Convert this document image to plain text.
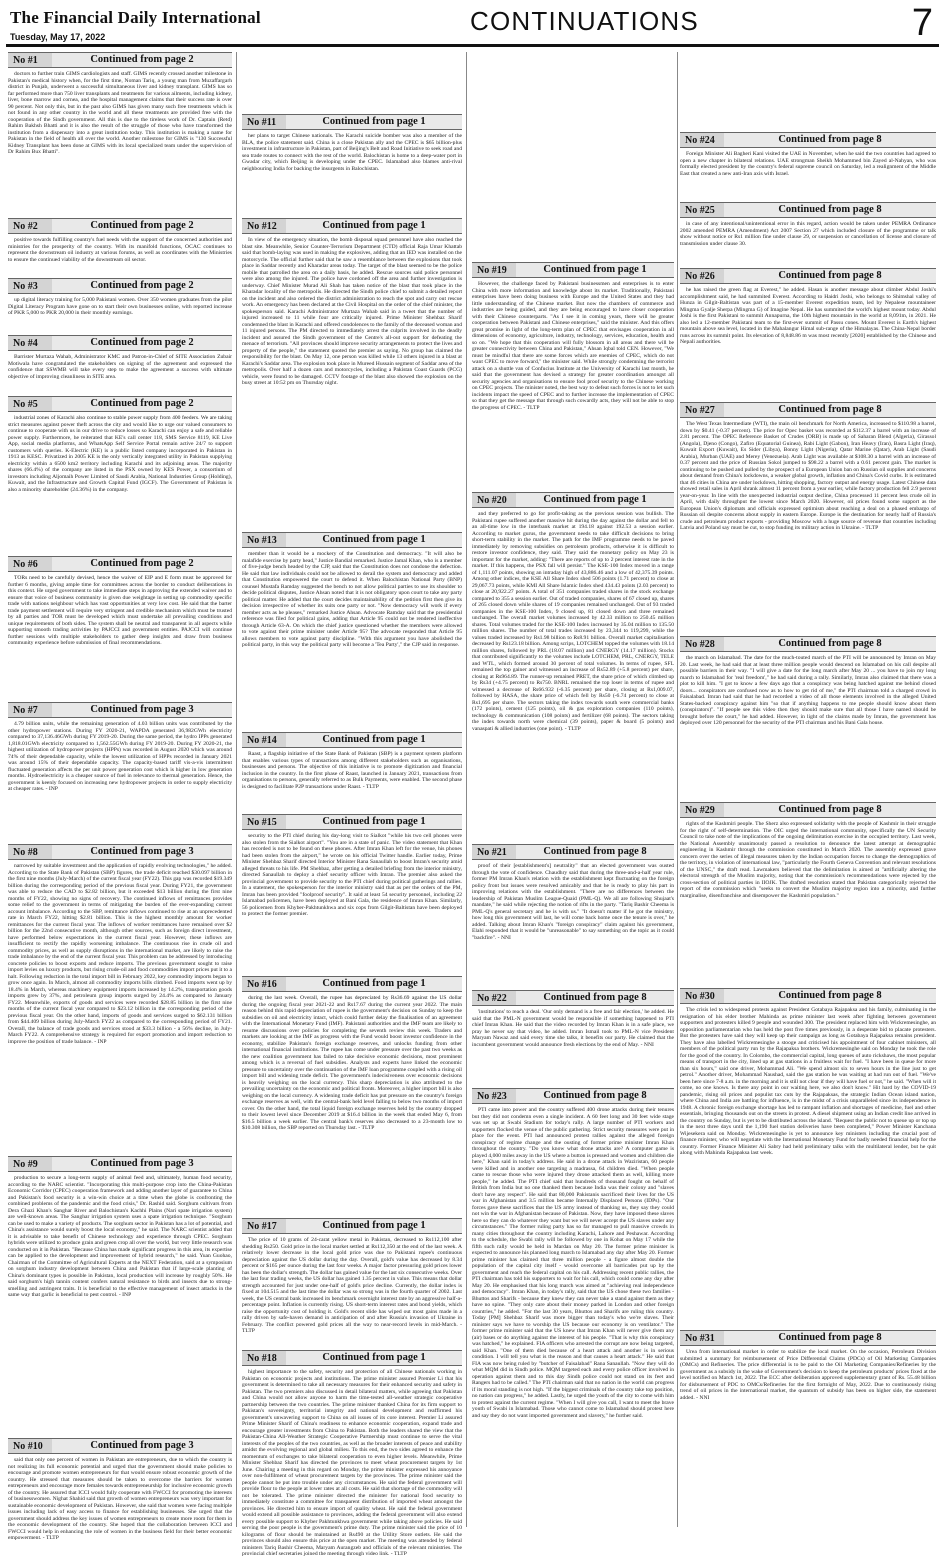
The Financial Daily International
Tuesday, May 17, 2022
CONTINUATIONS	7
No #1	Continued from page 2

doctors to further train GIMS cardiologists and staff. GIMS recently crossed another milestone in Pakistan's medical history when, for the first time, Noman Tariq, a young man from Muzaffargarh district in Punjab, underwent a successful simultaneous liver and kidney transplant. GIMS has so far performed more than 750 liver transplants and treatments for various ailments, including kidney, liver, bone marrow and cornea, and the hospital management claims that their success rate is over 90 percent. Not only this, but in the past also GIMS has given many such free treatments which is not found in any other country in the world and all these treatments are provided free with the cooperation of the Sindh government. All this is due to the tireless work of Dr. Captain (Retd) Rahim Bakhsh Bhatti and it is also the result of the struggle of those who have transformed the institution from a dispensary into a great institution today. This institution is making a name for Pakistan in the field of health all over the world. Another milestone for GIMS is "130 Successful Kidney Transplant has been done at GIMS with its local specialized team under the supervision of Dr Rahim Bux Bhatti".

No #2	Continued from page 2

positive towards fulfilling country's fuel needs with the support of the concerned authorities and ministries for the prosperity of the country. With its manifold functions, OCAC continues to represent the downstream oil industry at various forums, as well as coordinates with the Ministries to ensure the continued viability of the downstream oil sector.

No #3	Continued from page 2

up digital literacy training for 5,000 Pakistani women. Over 350 women graduates from the pilot Digital Literacy Program have gone on to start their own businesses online, with reported increase of PKR 5,000 to PKR 20,000 in their monthly earnings.

No #4	Continued from page 2

Barrister Murtaza Wahab, Administrator KMC and Patron-in-Chief of SITE Association Zubair Motiwala have congratulated the stakeholders on signing of the agreement and expressed the confidence that SSWMB will take every step to make the agreement a success with ultimate objective of improving cleanliness in SITE area.

No #5	Continued from page 2

industrial zones of Karachi also continue to stable power supply from 400 feeders. We are taking strict measures against power theft across the city and would like to urge our valued consumers to continue to cooperate with us in our drive to reduce losses so Karachi can enjoy a safe and reliable power supply. Furthermore, he reiterated that KE's call center 118, SMS Service 8119, KE Live App, social media platforms, and WhatsApp Self Service Portal remain active 24/7 to support customers with queries. K-Electric (KE) is a public listed company incorporated in Pakistan in 1913 as KESC. Privatized in 2005 KE is the only vertically integrated utility in Pakistan supplying electricity within a 6500 km2 territory including Karachi and its adjoining areas. The majority shares (66.4%) of the company are listed in the PSX owned by KES Power, a consortium of investors including Aljomaih Power Limited of Saudi Arabia, National Industries Group (Holding), Kuwait, and the Infrastructure and Growth Capital Fund (IGCF). The Government of Pakistan is also a minority shareholder (24.36%) in the company.

No #6	Continued from page 2

TORs need to be carefully devised, hence the waiver of EIP and E form must be approved for further 6 months, giving ample time for committees across the border to conduct deliberations in this context. He urged government to take immediate steps in approving the extended waiver and to ensure that voice of business community is given due weightage in setting up commodity specific trade with nations neighbour which has vast opportunities at very low cost. He said that the barter trade payment settlement will require very stringent and credible mechanism which must be trusted by all parties and TOR must be developed which must undertake all prevailing conditions and unique requirements of both sides. The system shall be neutral and transparent in all aspects while supporting smooth trading activities by PAJCCI and government entities. PAJCCI will continue further sessions with multiple stakeholders to gather deep insights and draw from business community experience before submission of final recommendations.

No #7	Continued from page 3

4.79 billion units, while the remaining generation of 4.03 billion units was contributed by the other hydropower stations. During FY 2020-21, WAPDA generated 36,982GWh electricity compared to 37,136.46GWh during FY 2019-20. During the same period, the hydro IPPs generated 1,818.01GWh electricity compared to 1,562.55GWh during FY 2019-20. During FY 2020-21, the highest utilization of hydropower projects (HPPs) was recorded in August 2020 which was around 74% of their dependable capacity, while the lowest utilization of HPPs recorded in January 2021 was around 15% of their dependable capacity. The capacity-based tariff vis-a-vis intermittent fluctuated generation affects the per unit power generation cost which is higher in low generation months. Hydroelectricity is a cheaper source of fuel in relevance to thermal generation. Hence, the government is keenly focused on increasing new hydropower projects in order to supply electricity at cheaper rates. - INP

No #8	Continued from page 3

narrowed by suitable investment and the application of rapidly evolving technologies," he added. According to the State Bank of Pakistan (SBP) figures, the trade deficit reached $30.097 billion in the first nine months (July-March) of the current fiscal year (FY22). This gap was recorded $19.349 billion during the corresponding period of the previous fiscal year. During FY21, the government was able to reduce the CAD to $2.82 billion, but it exceeded $13 billion during the first nine months of FY22, showing no signs of recovery. The continued inflows of remittances provides some relief to the government in terms of mitigating the burden of the ever-expanding current account imbalance. According to the SBP, remittance inflows continued to rise at an unprecedented rate in March FY22, hitting $2.81 billion. This is the highest monthly amount for worker remittances for the current fiscal year. The inflows of worker remittances have remained over $2 billion for the 22nd consecutive month, although other sources, such as foreign direct investment, have performed below expectations in the current fiscal year. However, these inflows are insufficient to rectify the rapidly worsening imbalance. The continuous rise in crude oil and commodity prices, as well as supply disruptions in the international market, are likely to raise the trade imbalance by the end of the current fiscal year. This problem can be addressed by introducing concrete policies to boost exports and reduce imports. The previous government sought to raise import levies on luxury products, but rising crude-oil and food commodities import prices put it to a halt. Following reduction in the total import bill in February 2022, key commodity imports began to grow once again. In March, almost all commodity imports bills climbed. Food imports went up by 18.4% in March, whereas machinery equipment imports increased by 14.2%, transportation goods imports grew by 37%, and petroleum group imports surged by 24.4% as compared to January FY22. Meanwhile, exports of goods and services were recorded $28.85 billion in the first nine months of the current fiscal year compared to $23.12 billion in the corresponding period of the previous fiscal year. On the other hand, imports of goods and services surged to $62.131 billion from $44.409 billion during July-March FY22 as compared to the corresponding period of FY21. Overall, the balance of trade goods and services stood at $33.3 billion - a 56% decline, in July-March FY22. A comprehensive strategy is required for export promotion and import reduction to improve the position of trade balance. - INP

No #9	Continued from page 3

production to secure a long-term supply of animal feed and, ultimately, human food security, according to the NARC scientist. "Incorporating this multi-purpose crop into the China-Pakistan Economic Corridor (CPEC) cooperation framework and adding another layer of guarantee to China and Pakistan's food security is a win-win choice at a time when the globe is confronting the combined problems of the pandemic and the food crisis," Dr. Rashid said. Sorghum cultivars from Dera Ghazi Khan's Sanghar River and Balochistan's Kachhi Plains (Nari spate irrigation system) are well-known areas. The Sanghar irrigation system uses a spate irrigation technique. "Sorghum can be used to make a variety of products. The sorghum sector in Pakistan has a lot of potential, and China's assistance would surely boost the local economy," he said. The NARC scientist added that it is advisable to take benefit of Chinese technology and experience through CPEC. Sorghum hybrids were utilized to produce grain and green crop all over the world, but very little research was conducted on it in Pakistan. "Because China has made significant progress in this area, its expertise can be applied to the development and improvement of hybrid research," he said. Yuan Guohao, Chairman of the Committee of Agricultural Experts at the NEXT Federation, said at a symposium on sorghum industry development between China and Pakistan that if large-scale planting of China's dominant types is possible in Pakistan, local production will increase by roughly 50%. He said sorghum's high tannin content confers natural resistance to birds and insects due to strong-smelling and astringent traits. It is beneficial to the effective management of insect attacks in the same way that garlic is beneficial to pest control. - INP

No #10	Continued from page 3

said that only one percent of women in Pakistan are entrepreneurs, due to which the country is not realizing its full economic potential and urged that the government should make policies to encourage and promote women entrepreneurs for that would ensure robust economic growth of the country. He stressed that measures should be taken to overcome the barriers for women entrepreneurs and encourage more females towards entrepreneurship for inclusive economic growth of the country. He assured that ICCI would fully cooperate with FWCCI for promoting the interests of businesswomen. Nighat Shahid said that growth of women entrepreneurs was very important for sustainable economic development of Pakistan. However, she said that women were facing multiple issues including lack of easy access to finance for establishing businesses. She urged that the government should address the key issues of women entrepreneurs to create more room for them in the economic development of the country. She hoped that the collaboration between ICCI and FWCCI would help in enhancing the role of women in the business field for their better economic empowerment. - TLTP

No #11	Continued from page 1

her plans to target Chinese nationals. The Karachi suicide bomber was also a member of the BLA, the police statement said. China is a close Pakistan ally and the CPEC is $65 billion-plus investment in infrastructure in Pakistan, part of Beijing's Belt and Road Initiative to seek road and sea trade routes to connect with the rest of the world. Balochistan is home to a deep-water port in Gwadar city, which Beijing is developing under the CPEC. Islamabad also blames anti-rival neighbouring India for backing the insurgents in Balochistan.

No #12	Continued from page 1

In view of the emergency situation, the bomb disposal squad personnel have also reached the blast site. Meanwhile, Senior Counter-Terrorism Department (CTD) official Raja Umar Khattab said that bomb-laying was used in making the explosives, adding that an IED was installed on the motorcycle. The official further said that he saw a resemblance between the explosions that took place in Saddar recently and Kharadar areas today. The target of the blast seemed to be the police mobile that patrolled the area on a daily basis, he added. Rescue sources said police personnel were also among the injured. The police have cordoned off the area and further investigation is underway. Chief Minister Murad Ali Shah has taken notice of the blast that took place in the Kharadar locality of the metropolis. He directed the Sindh police chief to submit a detailed report on the incident and also ordered the district administration to reach the spot and carry out rescue work. An emergency has been declared at the Civil Hospital on the order of the chief minister, the spokesperson said. Karachi Administrator Murtaza Wahab said in a tweet that the number of injured increased to 11 while four are critically injured. Prime Minister Shehbaz Sharif condemned the blast in Karachi and offered condolences to the family of the deceased woman and 11 injured persons. The PM directed to immediately arrest the culprits involved in the deadly incident and assured the Sindh government of the Centre's all-out support for defeating the menace of terrorism. "All provinces should improve security arrangements to protect the lives and property of the people," the statement quoted the premier as saying. No group has claimed the responsibility for the blast. On May 12, one person was killed while 13 others injured in a blast at Karachi's Saddar area. The explosion took place in Mureed Hussain segment of Saddar area of the metropolis. Over half a dozen cars and motorcycles, including a Pakistan Coast Guards (PCG) vehicle, were found to be damaged. CCTV footage of the blast also showed the explosion on the busy street at 10:52 pm on Thursday night.

No #13	Continued from page 1

member than it would be a mockery of the Constitution and democracy. "It will also be malafide exercise by party head," Justice Bandial remarked. Justice Jamal Khan, who is a member of five-judge bench headed by the CJP, said that the Constitution does not condone the defection. He said that law individuals could not be allowed to derail the system and democracy and added that Constitution empowered the court to defend it. When Balochistan National Party (BNP) counsel Mustafa Ramday suggested the bench to not allow political parties to use its shoulder to decide political disputes, Justice Ahsan noted that it is not obligatory upon court to take any party political matter. He added that the court decides maintainability of the petition first then give its decision irrespective of whether its suits one party or not. "Now democracy will work if every member acts as he pleases," remarked Justice Ahsan. Advocate Ramday said that the presidential reference was filed for political gains, adding that Article 95 could not be rendered ineffective through Article 63-A. On which the chief justice questioned whether the members were allowed to vote against their prime minister under Article 95? The advocate responded that Article 95 allows members to vote against party discipline. "With this argument you have abolished the political party, in this way the political party will become a 'Tea Party'," the CJP said in response.

No #14	Continued from page 1

Raast, a flagship initiative of the State Bank of Pakistan (SBP) is a payment system platform that enables various types of transactions among different stakeholders such as organisations, businesses and persons. The objective of this initiative is to promote digitization and financial inclusion in the country. In the first phase of Raast, launched in January 2021, transactions from organisations to persons, generally referred to as Bulk Payments, were enabled. The second phase is designed to facilitate P2P transactions under Raast. - TLTP

No #15	Continued from page 1

security to the PTI chief during his day-long visit to Sialkot "while his two cell phones were also stolen from the Sialkot airport". "You are in a state of panic. The video statement that Khan has recorded is not to be found on these phones. After Imran Khan left for the venue, his phones had been stolen from the airport," he wrote on his official Twitter handle. Earlier today, Prime Minister Shehbaz Sharif directed Interior Minister Rana Sanaullah to boost Imran's security amid alleged threats to his life. PM Shehbaz, after getting a detailed briefing from the interior ministry, directed Sanaullah to deploy a chief security officer with Imran. The premier also asked the provincial government to provide security to the PTI chief during political gatherings and rallies. In a statement, the spokesperson for the interior ministry said that as per the orders of the PM, Imran has been provided "foolproof security". It said at least 54 security personnel, including 22 Islamabad policemen, have been deployed at Bani Gala, the residence of Imran Khan. Similarly, 56 policemen from Khyber-Pakhtunkhwa and six cops from Gilgit-Baltistan have been deployed to protect the former premier.

No #16	Continued from page 1

during the last week. Overall, the rupee has depreciated by Rs36.69 against the US dollar during the ongoing fiscal year 2021-22 and Rs17.67 during the current year 2022. The main reason behind this rapid depreciation of rupee is the government's decision on Sunday to keep the subsidies on oil and electricity intact, which could further delay the finalisation of an agreement with the International Monetary Fund (IMF). Pakistani authorities and the IMF team are likely to resume discussions over policies for completing the seventh review this week. Traders and markets are looking at the IMF as progress with the Fund would boost investor confidence in the economy, stabilize Pakistan's foreign exchange reserves, and unlocks funding from other international financial institutions. The rupee has come under pressure over the past two weeks as the new coalition government has failed to take decisive economic decisions, most prominent among which is a reversal of fuel subsidies. Analysts and experts have linked the economic pressure to uncertainty over the continuation of the IMF loan programme coupled with a rising oil import bill and widening trade deficit. The government's indecisiveness over economic decisions is heavily weighing on the local currency. This sharp depreciation is also attributed to the prevailing uncertainty on the economic and political fronts. Moreover, a higher import bill is also weighing on the local currency. A widening trade deficit has put pressure on the country's foreign exchange reserves as well, with the central-bank held level falling to below two months of import cover. On the other hand, the total liquid foreign exchange reserves held by the country dropped to their lowest level since December 2019 at $16.4 billion in the week that ended May 6, from $16.5 billion a week earlier. The central bank's reserves also decreased to a 23-month low to $10.308 billion, the SBP reported on Thursday last. - TLTP

No #17	Continued from page 1

The price of 10 grams of 24-carat yellow metal in Pakistan, decreased to Rs112,100 after shedding Rs250. Gold price in the local market settled at Rs112,350 at the end of the last week. A relatively lower decrease in the local gold price was due to Pakistani rupee's continuous depreciation against the US dollar during the day. Overall, gold's value has decreased by 8.34 percent or $165 per ounce during the last four weeks. A major factor pressuring gold prices lower has been the dollar's strength. The dollar has gained value for the last six consecutive weeks. Over the last four trading weeks, the US dollar has gained 1.35 percent in value. This means that dollar strength accounted for just under one-half of gold's price decline. Currently, the dollar index is fixed at 104.515 and the last time the dollar was so strong was in the fourth quarter of 2002. Last week, the US central bank increased its benchmark overnight interest rate by an aggressive half-a-percentage point. Inflation is currently rising. US short-term interest rates and bond yields, which raise the opportunity cost of holding it. Gold's recent slide has wiped out most gains made in a rally driven by safe-haven demand in anticipation of and after Russia's invasion of Ukraine in February. The conflict powered gold prices all the way to near-record levels in mid-March. - TLTP

No #18	Continued from page 1

highest importance to the safety, security and protection of all Chinese nationals working in Pakistan on economic projects and institutions. The prime minister assured Premier Li that his government is determined to take all necessary measures for their enhanced security and safety in Pakistan. The two premiers also discussed in detail bilateral matters, while agreeing that Pakistan and China would not allow anyone to harm the time-tested all-weather strategic cooperative partnership between the two countries. The prime minister thanked China for its firm support to Pakistan's sovereignty, territorial integrity and national development and reaffirmed his government's unwavering support to China on all issues of its core interest. Premier Li assured Prime Minister Sharif of China's readiness to enhance economic cooperation, expand trade and encourage greater investments from China to Pakistan. Both the leaders shared the view that the Pakistan-China All-Weather Strategic Cooperative Partnership must continue to serve the vital interests of the peoples of the two countries, as well as the broader interests of peace and stability amidst the evolving regional and global milieu. To this end, the two sides agreed to enhance the momentum of exchanges to take bilateral cooperation to even higher levels. Meanwhile, Prime Minister Shehbaz Sharif has directed the provinces to meet wheat procurement targets by 1st June. Chairing a meeting in this regard on Monday, the prime minister expressed his annoyance over non-fulfilment of wheat procurement targets by the provinces. The prime minister said the people cannot be put into trouble under any circumstances. He said the federal government will provide flour to the people at lower rates at all costs. He said that shortage of the commodity will not be tolerated. The prime minister directed the minister for national food security to immediately constitute a committee for transparent distribution of imported wheat amongst the provinces. He directed him to ensure import of quality wheat. He said the federal government would extend all possible assistance to provinces, adding the federal government will also extend every possible support to Khyber Pakhtunkhwa government while taking above policies. He said serving the poor people is the government's prime duty. The prime minister said the price of 10 kilograms of flour should be maintained at Rs490 at the Utility Store outlets. He said the provinces should also ensure this price at the open market. The meeting was attended by federal ministers Tariq Bashir Cheema, Maryam Aurangzeb and officials of the relevant ministries. The provincial chief secretaries joined the meeting through video link. - TLTP

No #19	Continued from page 1

However, the challenge faced by Pakistani businessmen and enterprises is to enter China with more information and knowledge about its market. Traditionally, Pakistani enterprises have been doing business with Europe and the United States and they had little understanding of the Chinese market. But now the chambers of commerce and industries are being guided, and they are being encouraged to have closer cooperation with their Chinese counterparts. "As I see it in coming years, there will be greater cooperation between Pakistani and Chinese enterprises," said the minister. And this offers great promise in light of the long-term plan of CPEC that envisages cooperation in all dimensions of economy, agriculture, industry, technology, services, education, health and so on. "We hope that this cooperation will fully blossom in all areas and there will be greater connectivity between China and Pakistan," Ahsan Iqbal told CEN. However, "We must be mindful that there are some forces which are enemies of CPEC, which do not want CPEC to move forward," the minister said. While strongly condemning the terrorist attack on a shuttle van of Confucius Institute at the University of Karachi last month, he said that the government has devised a strategy for greater coordination amongst all security agencies and organisations to ensure fool proof security to the Chinese working on CPEC projects. The minister noted, the best way to defeat such forces is not to let such incidents impact the speed of CPEC and to further increase the implementation of CPEC so that they get the message that through such cowardly acts, they will not be able to stop the progress of CPEC. - TLTP

No #20	Continued from page 1

and they preferred to go for profit-taking as the previous session was bullish. The Pakistani rupee suffered another massive hit during the day against the dollar and fell to an all-time low in the interbank market at 194.18 against 192.53 a session earlier. According to market gurus, the government needs to take difficult decisions to bring short-term stability in the market. The path for the IMF programme needs to be paved immediately by removing subsidies on petroleum products, otherwise it is difficult to restore investor confidence, they said. They said the monetary policy on May 23 is important for the market, adding: "There are reports of up to 2 percent interest rate in the market. If this happens, the PSX fall will persist." The KSE-100 Index moved in a range of 1,111.07 points, showing an intraday high of 43,886.46 and a low of 42,375.39 points. Among other indices, the KSE All Share Index shed 506 points (1.71 percent) to close at 29,067.73 points, while KMI All Share Islamic Index shed 434.43 points (2.03 percent) to close at 20,922.27 points. A total of 351 companies traded shares in the stock exchange compared to 355 a session earlier. Out of traded companies, shares of 67 closed up, shares of 265 closed down while shares of 19 companies remained unchanged. Out of 93 traded companies in the KSE-100 Index, 9 closed up, 81 closed down and three remained unchanged. The overall market volumes increased by 42.33 million to 250.45 million shares. Total volumes traded for the KSE-100 Index increased by 35.04 million to 135.50 million shares. The number of total trades increased by 23,344 to 119,299, while the values traded increased by Rs1.98 billion to Rs8.91 billion. Overall market capitalisation decreased by Rs123.18 billion. Among scrips, LOTCHEM topped the volumes with 18.14 million shares, followed by PRL (18.07 million) and CNERGY (14.17 million). Stocks that contributed significantly to the volumes include LOTCHEM, PRL, CNERGY, TELE and WTL, which formed around 30 percent of total volumes. In terms of rupee, SFL remained the top gainer and witnessed an increase of Rs52.89 (+5.8 percent) per share, closing at Rs964.89. The runner-up remained PRET, the share price of which climbed up by Rs34 (+4.75 percent) to Rs750. BNRL remained the top loser in terms of rupee and witnessed a decrease of Rs66.932 (-6.35 percent) per share, closing at Rs1,009.07, followed by HASA, the share price of which fell by Rs50 (-6.74 percent) to close at Rs1,695 per share. The sectors taking the index towards south were commercial banks (172 points), cement (125 points), oil & gas exploration companies (110 points), technology & communication (108 points) and fertilizer (68 points). The sectors taking the index towards north were chemical (39 points), paper & board (5 points) and vanaspati & allied industries (one point). - TLTP

No #21	Continued from page 8

proof of their [establishment's] neutrality" that an elected government was ousted through the vote of confidence. Chaudhry said that during the three-and-a-half year rule, former PM Imran Khan's relation with the establishment kept fluctuating on the foreign policy front but issues were resolved amicably and that he is ready to play his part in improving relations with the establishment. "There are no differences between the leadership of Pakistan Muslim League-Quaid (PML-Q). We all are following Shujaat's mandate," he said while rejecting the notion of rifts in the party. "Tariq Bashir Cheema is PML-Q's general secretary and he is with us." "It doesn't matter if he got the ministry, how long this government will last, he will come back home once the tenure is over," he added. Talking about Imran Khan's "foreign conspiracy" claim against his government, Elahi responded that it would be "unreasonable" to say something on the topic as it could "backfire". - NNI

No #22	Continued from page 8

'institutions' to reach a deal. 'Our only demand is a free and fair election,' he added. He said that the PML-N government would be responsible if something happened to PTI chief Imran Khan. He said that the video recorded by Imran Khan is in a safe place, we pray he never say that video, he added. Imran Ismail took to PML-N vice President Maryam Nawaz and said every time she talks, it benefits our party. He claimed that the incumbent government would announce fresh elections by the end of May. - NNI

No #23	Continued from page 8

PTI came into power and the country suffered 400 drone attacks during their tenures but they did not condemn even a single incident. A 60 feet long and 30 feet wide stage was set up at Swabi Stadium for today's rally. A large number of PTI workers and supporters flocked the venue of the public gathering. Strict security measures were put in place for the event. PTI had announced protest rallies against the alleged foreign conspiracy of regime change and the ousting of former prime minister Imran Khan throughout the country. "Do you know what drone attacks are? A computer game is played 4,000 miles away in the US where a button is pressed and women and children die here," Khan said in today's address. He said in a drone attack in Waziristan, 60 people were killed and in another one targeting a madrassa, 64 children died. "When people came to rescue those who were injured they drone attacked them as well, killing more people," he added. The PTI chief said that hundreds of thousand fought on behalf of British from India but no one thanked them because India was their colony and "slaves don't have any respect". He said that 80,000 Pakistanis sacrificed their lives for the US war in Afghanistan and 3.5 million became Internally Displaced Persons (IDPs). "Our forces gave these sacrifices that the US army instead of thanking us, they say they could not win the war in Afghanistan because of Pakistan. Now, they have imposed these slaves here so they can do whatever they want but we will never accept the US slaves under any circumstances." The former ruling party has so far managed to pull massive crowds in many cities throughout the country including Karachi, Lahore and Peshawar. According to the schedule, the Swabi rally will be followed by one in Kohat on May 17 while the fifth such rally would be held in Mardan on May 20. The former prime minister is expected to announce his planned long march to Islamabad any day after May 20. Former prime minister has claimed that three million people - a figure almost double the population of the capital city itself - would overcome all barricades put up by the government and reach the federal capital on his call. Addressing recent public rallies, the PTI chairman has told his supporters to wait for his call, which could come any day after May 20. He emphasised that his long march was aimed at "achieving real independence and democracy". Imran Khan, in today's rally, said that the US chose these two families - Bhuttos and Sharifs - because they knew they can never take a stand against them as they have no spine. "They only care about their money parked in London and other foreign countries," he added. "For the last 30 years, Bhuttos and Sharifs are ruling this country. Today [PM] Shehbaz Sharif was more bigger than today's who we're slaves. Their minister says we have to worship the US because our economy is on ventilator." The former prime minister said that the US knew that Imran Khan will never give them any (air) bases or do anything against the interest of his people. "That is why this conspiracy was hatched," he explained. FIA officers who arrested the corrupt are now being targeted, said Khan. "One of them died because of a heart attack and another is in serious condition. I will tell you what is the reason and that causes a heart attack." He said that FIA was now being ruled by "butcher of Faisalabad" Rana Sanaullah. "Now they will do what MQM did in Sindh police. MQM targeted each and every police officer involved in operation against them and to this day Sindh police could not stand on its feet and Rangers had to be called." The PTI chairman said that no nation in the world can progress if its moral standing is not high. "If the biggest criminals of the country take top position, no nation can progress," he added. Lastly, he urged the youth of the city to come with him to protest against the current regime. "When I will give you call, I want to meet the brave youth of Swabi in Islamabad. Those who cannot come to Islamabad should protest here and say they do not want imported government and slavery," he further said.

No #24	Continued from page 8

Foreign Minister Ali Bagheri Kani visited the UAE in November, when he said the two countries had agreed to open a new chapter in bilateral relations. UAE strongman Sheikh Mohammed bin Zayed al-Nahyan, who was formally elected president by the country's federal supreme council on Saturday, led a realignment of the Middle East that created a new anti-Iran axis with Israel.

No #25	Continued from page 8

in case of any intentional/unintentional error in this regard, action would be taken under PEMRA Ordinance 2002 amended PEMRA (Amendment) Act 2007 Section 27 which included closure of the programme or talk show without notice or Rs1 million fine under clause 29, or suspension or cancellation of license and closure of transmission under clause 30.

No #26	Continued from page 8

he has raised the green flag at Everest," he added. Hasan is another message about climber Abdul Joshi's accomplishment said, he had summited Everest. According to Haidri Joshi, who belongs to Shimshal valley of Hunza in Gilgit-Baltistan was part of a 15-member Everest expedition team, led by Nepalese mountaineer Mingma Gyalje Sherpa (Mingma G) of Imagine Nepal. He has summited the world's highest mount today. Abdul Joshi is the first Pakistani to summit Annapurna, the 10th highest mountain in the world at 8,091m, in 2021. He also led a 12-member Pakistani team to the first-ever summit of Passu cones. Mount Everest is Earth's highest mountain above sea level, located in the Mahalangur Himal sub-range of the Himalayas. The China-Nepal border runs across its summit point. Its elevation of 8,848.86 m was most recently [2020] established by the Chinese and Nepali authorities.

No #27	Continued from page 8

The West Texas Intermediate (WTI), the main oil benchmark for North America, increased to $110.98 a barrel, down by $0.41 (-0.37 percent). The price for Opec basket was recorded at $112.37 a barrel with an increase of 2.81 percent. The OPEC Reference Basket of Crudes (ORB) is made up of Saharan Blend (Algeria), Girassol (Angola), Djeno (Congo), Zafiro (Equatorial Guinea), Rabi Light (Gabon), Iran Heavy (Iran), Basra Light (Iraq), Kuwait Export (Kuwait), Es Sider (Libya), Bonny Light (Nigeria), Qatar Marine (Qatar), Arab Light (Saudi Arabia), Murban (UAE) and Merey (Venezuela). Arab Light was available at $108.30 a barrel with an increase of 0.37 percent and the price of Russian Sokol jumped to $98.22 a barrel with a 0.61 percent gain. The market is continuing to be pushed and pulled by the prospect of a European Union ban on Russian oil supplies and concerns about demand from China's lockdowns, a weaker global growth, inflation and China's Covid curbs. It is estimated that 46 cities in China are under lockdown, hitting shopping, factory output and energy usage. Latest Chinese data showed retail sales in April shrank almost 11 percent from a year earlier, while factory production fell 2.9 percent year-on-year. In line with the unexpected industrial output decline, China processed 11 percent less crude oil in April, with daily throughput the lowest since March 2020. However, oil prices found some support as the European Union's diplomats and officials expressed optimism about reaching a deal on a phased embargo of Russian oil despite concerns about supply in eastern Europe. Europe is the destination for nearly half of Russia's crude and petroleum product exports - providing Moscow with a huge source of revenue that countries including Latvia and Poland say must be cut, to stop funding its military action in Ukraine. - TLTP

No #28	Continued from page 8

the march on Islamabad. The date for the much-touted march of the PTI will be announced by Imran on May 20. Last week, he had said that at least three million people would descend on Islamabad on his call despite all possible barriers in their way. "I will give a date for the long march after May 20 ... you have to join my long march to Islamabad for 'real freedom'," he had said during a rally. Similarly, Imran also claimed that there was a plot to kill him. "I got to know a few days ago that a conspiracy was being hatched against me behind closed doors... conspirators are confused now as to how to get rid of me," the PTI chairman told a charged crowd in Faisalabad. Imran had said that he had recorded a video of all those elements involved in the alleged United States-backed conspiracy against him "so that if anything happens to me people should know about them (conspirators)". "If people see this video then they should make sure that all those I have named should be brought before the court," he had added. However, in light of the claims made by Imran, the government has deployed over 120 personnel for the security of the PTI chairman and his Bani Gala house.

No #29	Continued from page 8

rights of the Kashmiri people. The Sherz also expressed solidarity with the people of Kashmir in their struggle for the right of self-determination. The OIC urged the international community, specifically the UN Security Council to take note of the implications of the ongoing delimitation exercise in the occupied territory. Last week, the National Assembly unanimously passed a resolution to denounce the latest attempt at demographic engineering in Kashmir through the commission constituted in March 2020. The assembly expressed grave concern over the series of illegal measures taken by the Indian occupation forces to change the demographics of the territory, in violation of international law, "particularly the Fourth Geneva Convention and relevant resolutions of the UNSC," the draft read. Lawmakers believed that the delimitation is aimed at "artificially altering the electoral strength of the Muslim majority, noting that the commission's recommendations were rejected by the cross-section of political parties in IIOJK. The drafted resolution stated that Pakistan categorically rejected the report of the commission which "seeks to convert the Muslim majority region into a minority, and further marginalise, disenfranchise and disempower the Kashmiri population."

No #30	Continued from page 8

The crisis led to widespread protests against President Gotabaya Rajapaksa and his family, culminating in the resignation of his elder brother Mahinda as prime minister last week after fighting between government supporters and protesters killed 9 people and wounded 300. The president replaced him with Wickremesinghe, an opposition parliamentarian who has held the post five times previously, in a desperate bid to placate protesters. But the protesters have said they will keep up their campaign as long as Gotabaya Rajapaksa remains president. They have also labelled Wickremesinghe a stooge and criticised his appointment of four cabinet ministers, all members of the political party run by the Rajapaksa brothers. Wickremesinghe said on Monday he took the role for the good of the country. In Colombo, the commercial capital, long queues of auto rickshaws, the most popular means of transport in the city, lined up at gas stations in a fruitless wait for fuel. "I have been in queue for more than six hours," said one driver, Mohammad Ali. "We spend almost six to seven hours in the line just to get petrol." Another driver, Mohammad Naushad, said the gas station he was waiting at had run out of fuel. "We've been here since 7-8 a.m. in the morning and it is still not clear if they will have fuel or not," he said. "When will it come, no one knows. Is there any point in our waiting here, we also don't know." Hit hard by the COVID-19 pandemic, rising oil prices and populist tax cuts by the Rajapaksas, the strategic Indian Ocean island nation, where China and India are battling for influence, is in the midst of a crisis unparalleled since its independence in 1948. A chronic foreign exchange shortage has led to rampant inflation and shortages of medicine, fuel and other essentials, bringing thousands out on the streets in protest. A diesel shipment using an Indian credit line arrived in the country on Sunday, but is yet to be distributed across the island. "Request the public not to queue up or top up in the next three days until the 1,190 fuel station deliveries have been completed," Power Minister Kanchana Wijesekera said on Monday. Wickremesinghe is yet to announce key ministers including the crucial post of finance minister, who will negotiate with the International Monetary Fund for badly needed financial help for the country. Former Finance Minister Ali Sabry had held preliminary talks with the multilateral lender, but he quit along with Mahinda Rajapaksa last week.

No #31	Continued from page 8

Urea from international market in order to stabilize the local market. On the occasion, Petroleum Division submitted a summary for reimbursement of Price Differential Claims (PDCs) of Oil Marketing Companies (OMCs) and Refineries. The price differential is to be paid to the Oil Marketing Companies/Refineries by the government as a subsidy in the wake of Government's decision to keep the petroleum products' prices fixed at the level notified on March 1st, 2022. The ECC after deliberation approved supplementary grant of Rs. 55.48 billion for disbursement of PDC to OMCs/Refineries for the first fortnight of May, 2022. Due to continuously rising trend of oil prices in the international market, the quantum of subsidy has been on higher side, the statement added. - NNI
